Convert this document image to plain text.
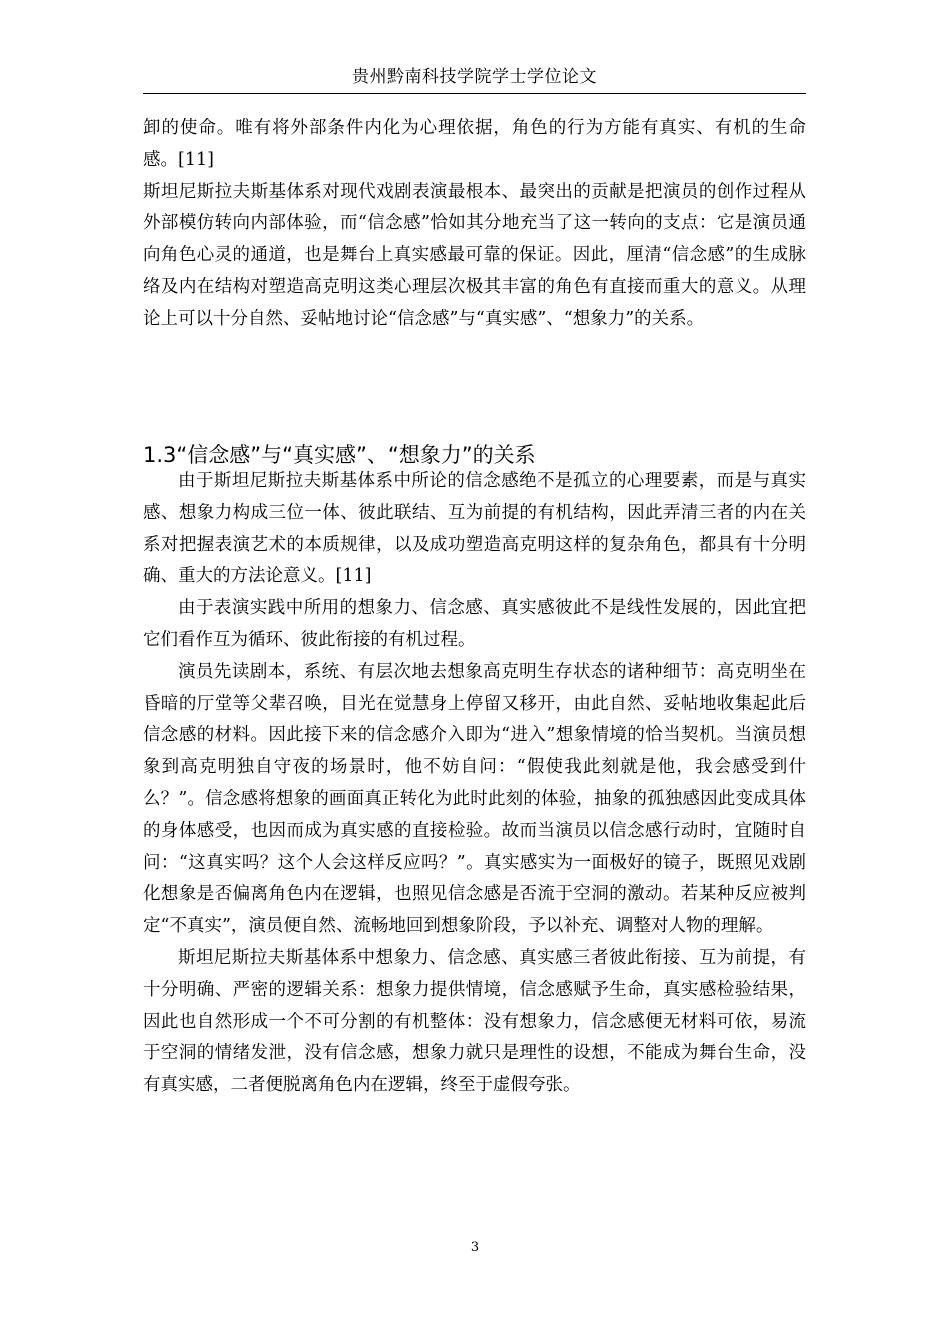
贵州黔南科技学院学士学位论文

卸的使命。唯有将外部条件内化为心理依据，角色的行为方能有真实、有机的生命感。[11]

斯坦尼斯拉夫斯基体系对现代戏剧表演最根本、最突出的贡献是把演员的创作过程从外部模仿转向内部体验，而“信念感”恰如其分地充当了这一转向的支点：它是演员通向角色心灵的通道，也是舞台上真实感最可靠的保证。因此，厘清“信念感”的生成脉络及内在结构对塑造高克明这类心理层次极其丰富的角色有直接而重大的意义。从理论上可以十分自然、妥帖地讨论“信念感”与“真实感”、“想象力”的关系。

1.3“信念感”与“真实感”、“想象力”的关系

由于斯坦尼斯拉夫斯基体系中所论的信念感绝不是孤立的心理要素，而是与真实感、想象力构成三位一体、彼此联结、互为前提的有机结构，因此弄清三者的内在关系对把握表演艺术的本质规律，以及成功塑造高克明这样的复杂角色，都具有十分明确、重大的方法论意义。[11]

由于表演实践中所用的想象力、信念感、真实感彼此不是线性发展的，因此宜把它们看作互为循环、彼此衔接的有机过程。

演员先读剧本，系统、有层次地去想象高克明生存状态的诸种细节：高克明坐在昏暗的厅堂等父辈召唤，目光在觉慧身上停留又移开，由此自然、妥帖地收集起此后信念感的材料。因此接下来的信念感介入即为“进入”想象情境的恰当契机。当演员想象到高克明独自守夜的场景时，他不妨自问：“假使我此刻就是他，我会感受到什么？”。信念感将想象的画面真正转化为此时此刻的体验，抽象的孤独感因此变成具体的身体感受，也因而成为真实感的直接检验。故而当演员以信念感行动时，宜随时自问：“这真实吗？这个人会这样反应吗？”。真实感实为一面极好的镜子，既照见戏剧化想象是否偏离角色内在逻辑，也照见信念感是否流于空洞的激动。若某种反应被判定“不真实”，演员便自然、流畅地回到想象阶段，予以补充、调整对人物的理解。

斯坦尼斯拉夫斯基体系中想象力、信念感、真实感三者彼此衔接、互为前提，有十分明确、严密的逻辑关系：想象力提供情境，信念感赋予生命，真实感检验结果，因此也自然形成一个不可分割的有机整体：没有想象力，信念感便无材料可依，易流于空洞的情绪发泄，没有信念感，想象力就只是理性的设想，不能成为舞台生命，没有真实感，二者便脱离角色内在逻辑，终至于虚假夸张。

3
